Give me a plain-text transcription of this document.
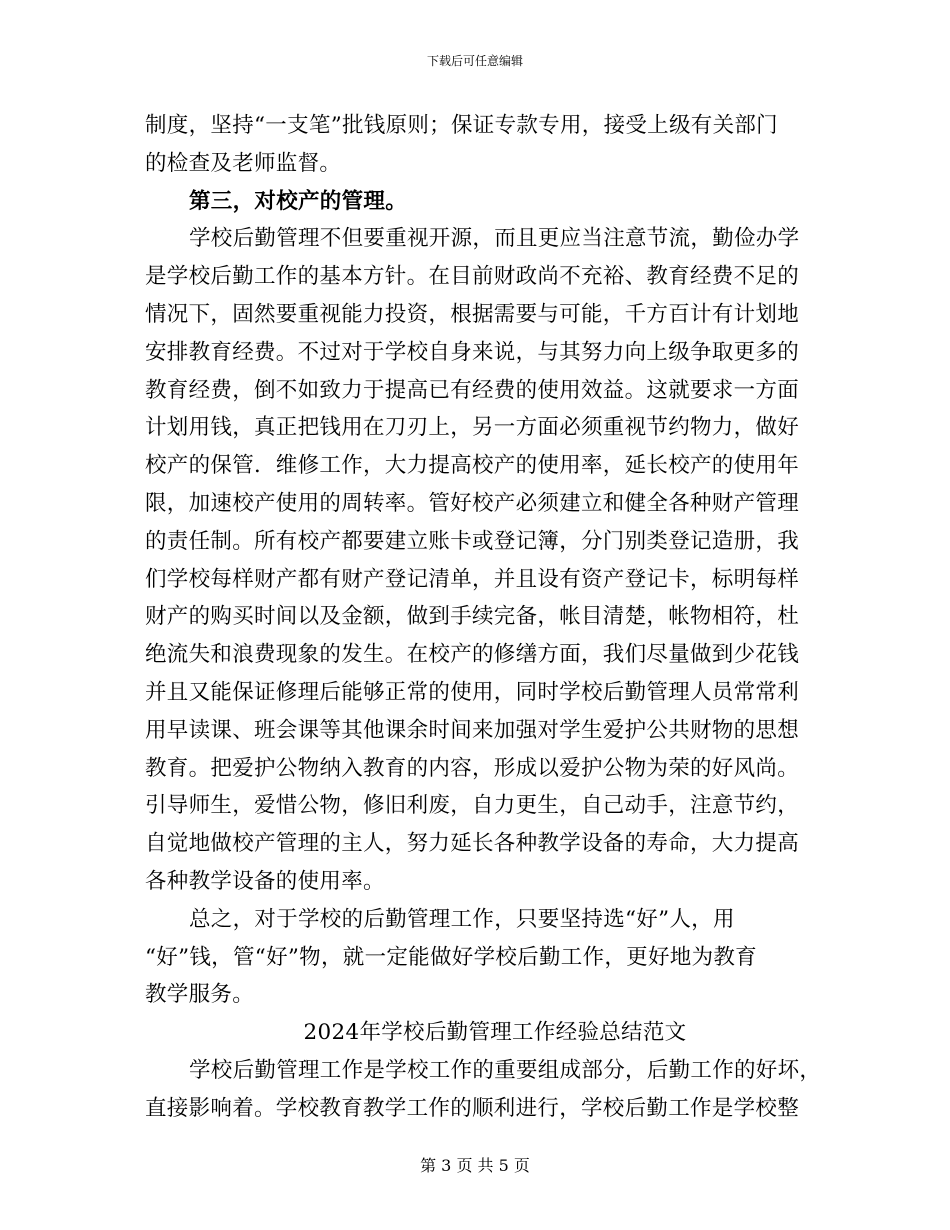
下载后可任意编辑
制度，坚持“一支笔”批钱原则；保证专款专用，接受上级有关部门
的检查及老师监督。
第三，对校产的管理。
学校后勤管理不但要重视开源，而且更应当注意节流，勤俭办学
是学校后勤工作的基本方针。在目前财政尚不充裕、教育经费不足的
情况下，固然要重视能力投资，根据需要与可能，千方百计有计划地
安排教育经费。不过对于学校自身来说，与其努力向上级争取更多的
教育经费，倒不如致力于提高已有经费的使用效益。这就要求一方面
计划用钱，真正把钱用在刀刃上，另一方面必须重视节约物力，做好
校产的保管．维修工作，大力提高校产的使用率，延长校产的使用年
限，加速校产使用的周转率。管好校产必须建立和健全各种财产管理
的责任制。所有校产都要建立账卡或登记簿，分门别类登记造册，我
们学校每样财产都有财产登记清单，并且设有资产登记卡，标明每样
财产的购买时间以及金额，做到手续完备，帐目清楚，帐物相符，杜
绝流失和浪费现象的发生。在校产的修缮方面，我们尽量做到少花钱
并且又能保证修理后能够正常的使用，同时学校后勤管理人员常常利
用早读课、班会课等其他课余时间来加强对学生爱护公共财物的思想
教育。把爱护公物纳入教育的内容，形成以爱护公物为荣的好风尚。
引导师生，爱惜公物，修旧利废，自力更生，自己动手，注意节约，
自觉地做校产管理的主人，努力延长各种教学设备的寿命，大力提高
各种教学设备的使用率。
总之，对于学校的后勤管理工作，只要坚持选“好”人，用
“好”钱，管“好”物，就一定能做好学校后勤工作，更好地为教育
教学服务。
2024年学校后勤管理工作经验总结范文
学校后勤管理工作是学校工作的重要组成部分，后勤工作的好坏，
直接影响着。学校教育教学工作的顺利进行，学校后勤工作是学校整
第 3 页 共 5 页
